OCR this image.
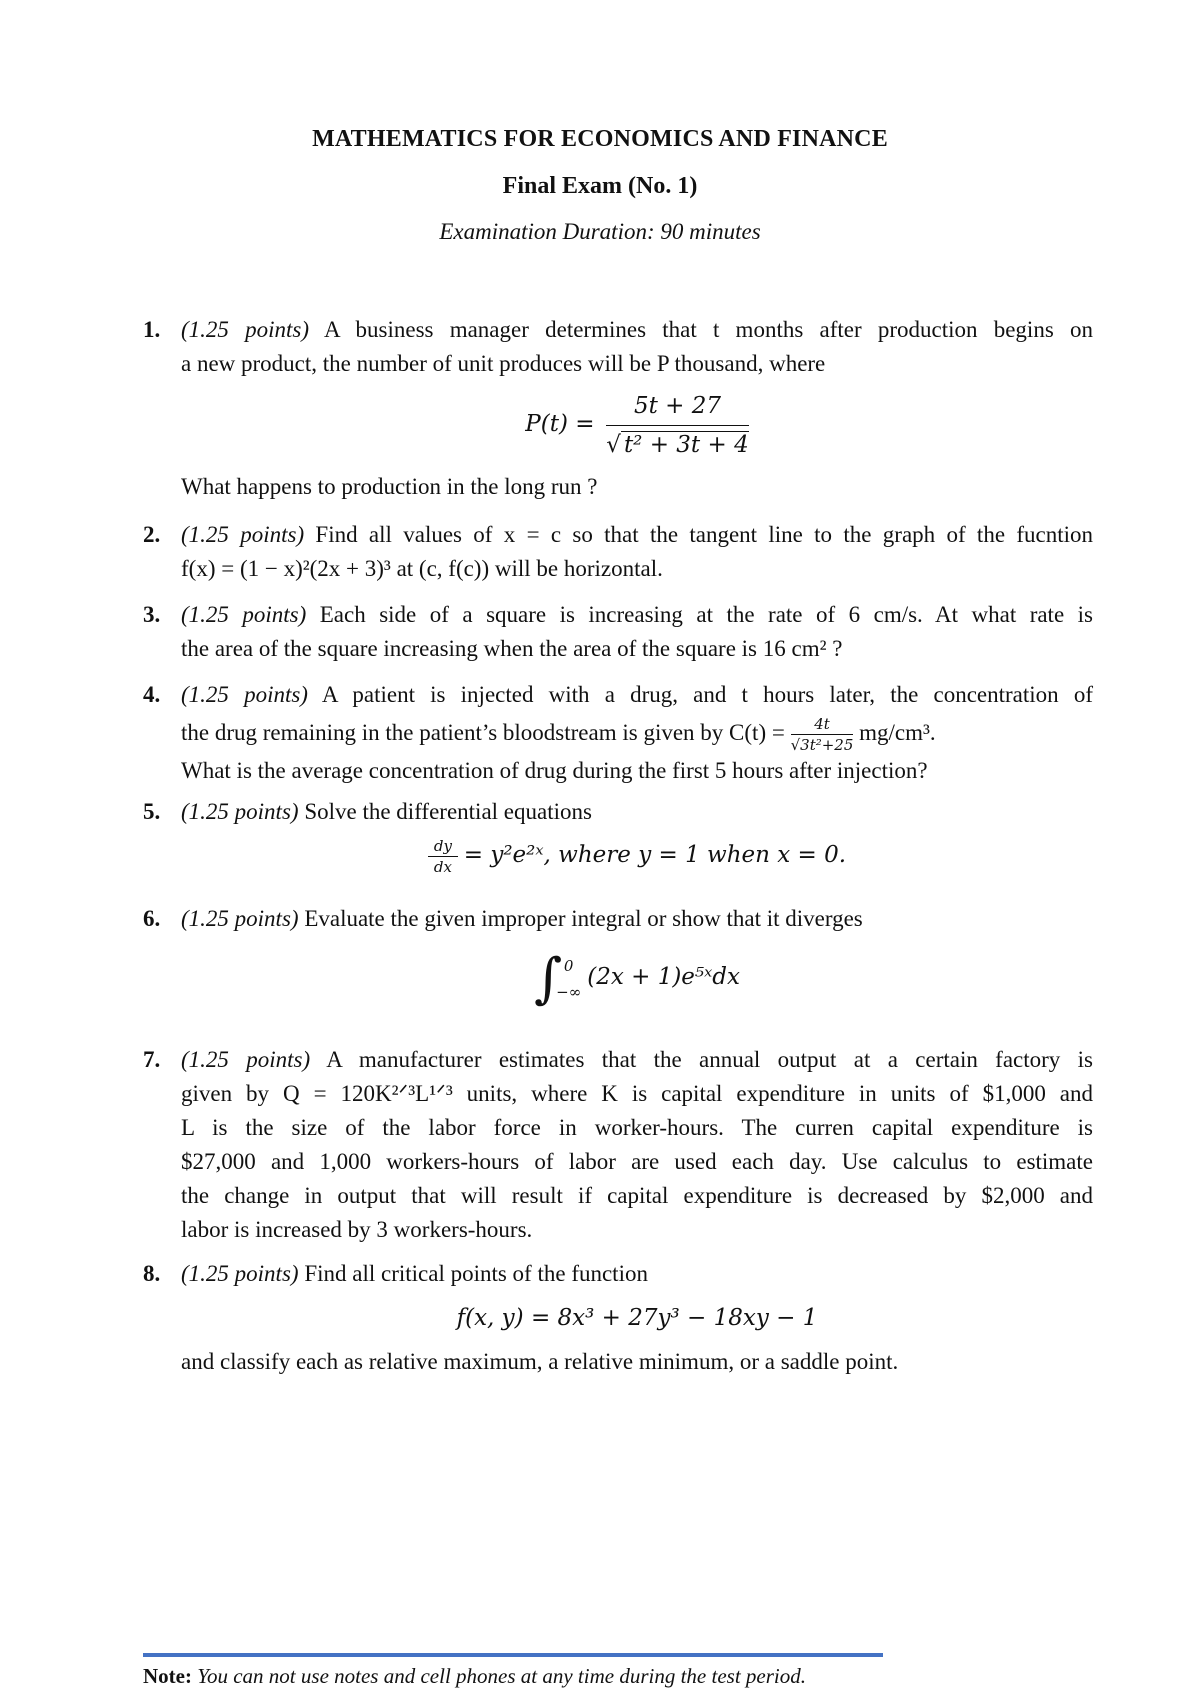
MATHEMATICS FOR ECONOMICS AND FINANCE
Final Exam (No. 1)
Examination Duration: 90 minutes
1. (1.25 points) A business manager determines that t months after production begins on

a new product, the number of unit produces will be P thousand, where

$P(t) = \frac{5t + 27}{\text{√ t² + 3t + 4}}$

What happens to production in the long run ?

2. (1.25 points) Find all values of x = c so that the tangent line to the graph of the fucntion

f(x) = (1 − x)²(2x + 3)³ at (c, f(c)) will be horizontal.

3. (1.25 points) Each side of a square is increasing at the rate of 6 cm/s. At what rate is

the area of the square increasing when the area of the square is 16 cm² ?

4. (1.25 points) A patient is injected with a drug, and t hours later, the concentration of

the drug remaining in the patient’s bloodstream is given by $C(t) = \frac{4t}{\text{√3t²+25}} mg/cm^3$.

What is the average concentration of drug during the first 5 hours after injection?

5. (1.25 points) Solve the differential equations

$\frac{dy}{dx}$ = y²e²ˣ, where y = 1 when x = 0.

6. (1.25 points) Evaluate the given improper integral or show that it diverges

∫ 0
−∞
(2x + 1)e⁵ˣdx

7. (1.25 points) A manufacturer estimates that the annual output at a certain factory is

given by Q = 120K²ᐟ³L¹ᐟ³ units, where K is capital expenditure in units of $1,000 and

L is the size of the labor force in worker-hours. The curren capital expenditure is

$27,000 and 1,000 workers-hours of labor are used each day. Use calculus to estimate

the change in output that will result if capital expenditure is decreased by $2,000 and

labor is increased by 3 workers-hours.

8. (1.25 points) Find all critical points of the function

f(x, y) = 8x³ + 27y³ − 18xy − 1

and classify each as relative maximum, a relative minimum, or a saddle point.

Note: You can not use notes and cell phones at any time during the test period.
